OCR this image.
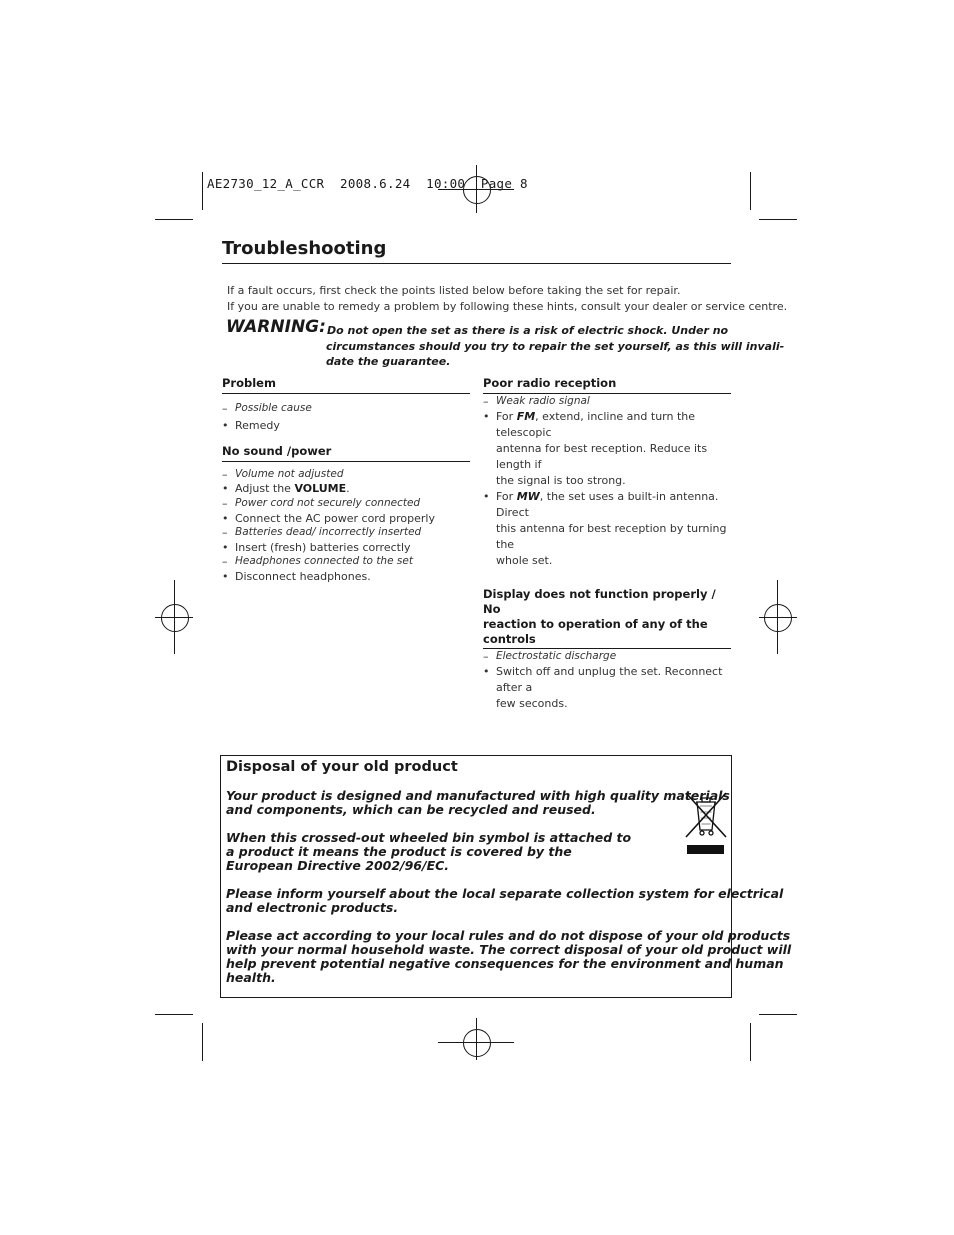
AE2730_12_A_CCR  2008.6.24  10:00  Page 8
Troubleshooting
If a fault occurs, first check the points listed below before taking the set for repair.
If you are unable to remedy a problem by following these hints, consult your dealer or service centre.
WARNING: Do not open the set as there is a risk of electric shock. Under no
circumstances should you try to repair the set yourself, as this will invali-
date the guarantee.
Problem
– Possible cause
• Remedy
No sound /power
– Volume not adjusted
• Adjust the VOLUME.
– Power cord not securely connected
• Connect the AC power cord properly
– Batteries dead/ incorrectly inserted
• Insert (fresh) batteries correctly
– Headphones connected to the set
• Disconnect headphones.
Poor radio reception
– Weak radio signal
• For FM, extend, incline and turn the telescopic
antenna for best reception. Reduce its length if
the signal is too strong.
• For MW, the set uses a built-in antenna. Direct
this antenna for best reception by turning the
whole set.
Display does not function properly / No
reaction to operation of any of the controls
– Electrostatic discharge
• Switch off and unplug the set. Reconnect after a
few seconds.
Disposal of your old product
Your product is designed and manufactured with high quality materials
and components, which can be recycled and reused.
When this crossed-out wheeled bin symbol is attached to
a product it means the product is covered by the
European Directive 2002/96/EC.
Please inform yourself about the local separate collection system for electrical
and electronic products.
Please act according to your local rules and do not dispose of your old products
with your normal household waste. The correct disposal of your old product will
help prevent potential negative consequences for the environment and human
health.
